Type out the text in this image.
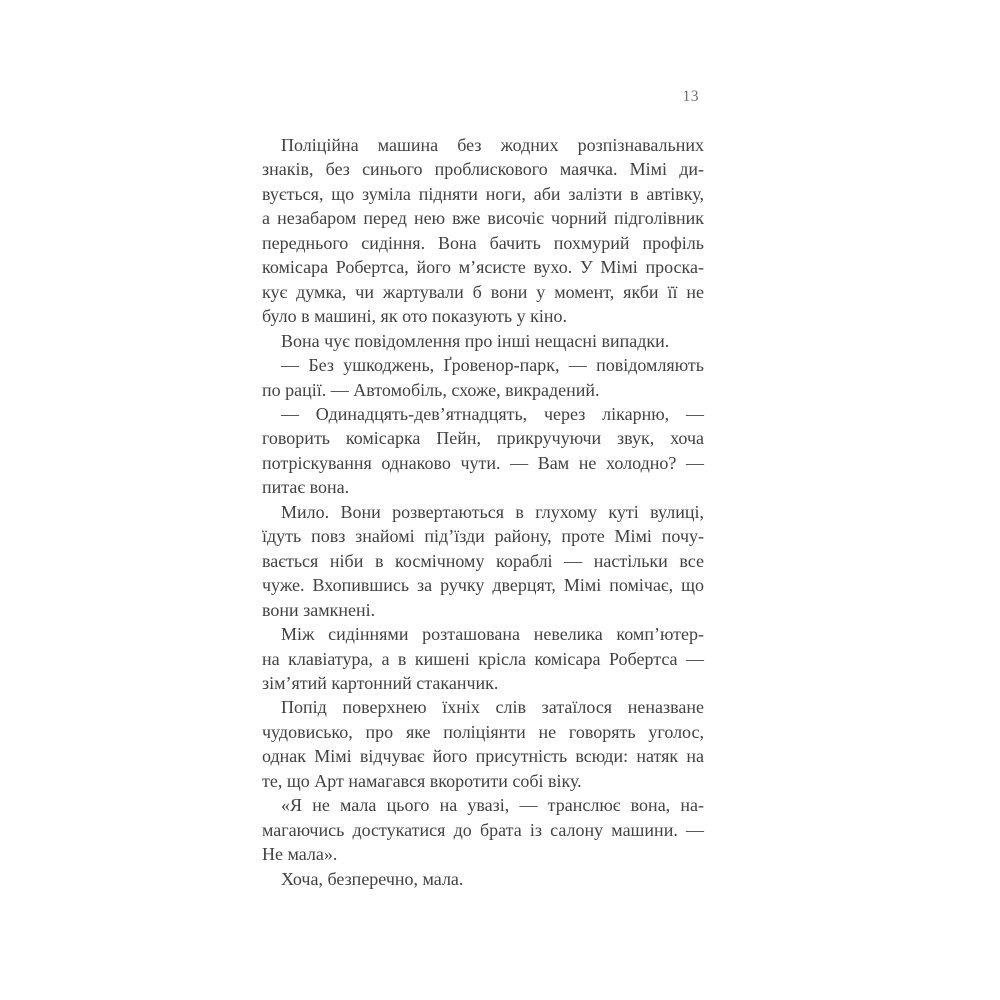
13
Поліційна машина без жодних розпізнавальних
знаків, без синього проблискового маячка. Мімі ди-
вується, що зуміла підняти ноги, аби залізти в автівку,
а незабаром перед нею вже височіє чорний підголівник
переднього сидіння. Вона бачить похмурий профіль
комісара Робертса, його м’ясисте вухо. У Мімі проска-
кує думка, чи жартували б вони у момент, якби її не
було в машині, як ото показують у кіно.
Вона чує повідомлення про інші нещасні випадки.
— Без ушкоджень, Ґровенор-парк, — повідомляють
по рації. — Автомобіль, схоже, викрадений.
— Одинадцять-дев’ятнадцять, через лікарню, —
говорить комісарка Пейн, прикручуючи звук, хоча
потріскування однаково чути. — Вам не холодно? —
питає вона.
Мило. Вони розвертаються в глухому куті вулиці,
їдуть повз знайомі під’їзди району, проте Мімі почу-
вається ніби в космічному кораблі — настільки все
чуже. Вхопившись за ручку дверцят, Мімі помічає, що
вони замкнені.
Між сидіннями розташована невелика комп’ютер-
на клавіатура, а в кишені крісла комісара Робертса —
зім’ятий картонний стаканчик.
Попід поверхнею їхніх слів затаїлося неназване
чудовисько, про яке поліціянти не говорять уголос,
однак Мімі відчуває його присутність всюди: натяк на
те, що Арт намагався вкоротити собі віку.
«Я не мала цього на увазі, — транслює вона, на-
магаючись достукатися до брата із салону машини. —
Не мала».
Хоча, безперечно, мала.
